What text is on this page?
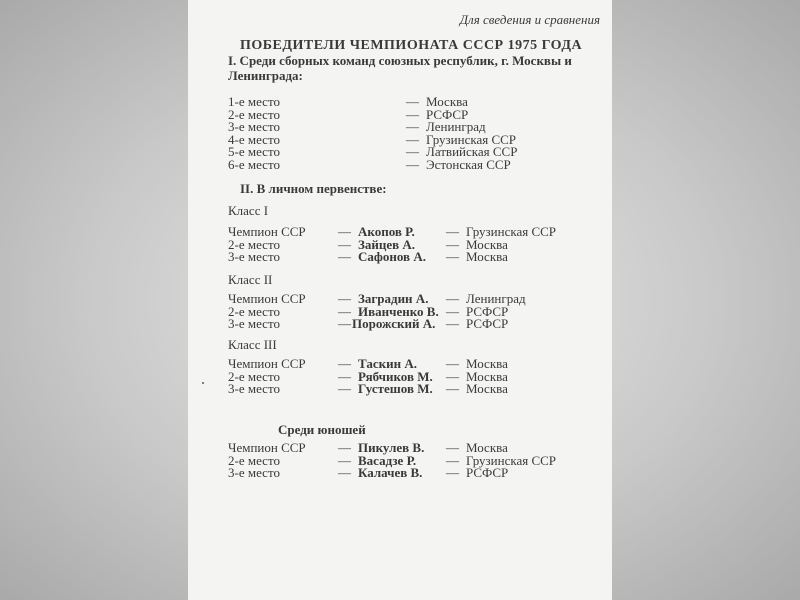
Для сведения и сравнения
ПОБЕДИТЕЛИ ЧЕМПИОНАТА СССР 1975 ГОДА
I. Среди сборных команд союзных республик, г. Москвы и Ленинграда:
1-е место	— Москва
2-е место	— РСФСР
3-е место	— Ленинград
4-е место	— Грузинская ССР
5-е место	— Латвийская ССР
6-е место	— Эстонская ССР
II. В личном первенстве:
Класс I
Чемпион ССР — Акопов Р. — Грузинская ССР
2-е место	— Зайцев А. — Москва
3-е место	— Сафонов А. — Москва
Класс II
Чемпион ССР — Заградин А. — Ленинград
2-е место	— Иванченко В. — РСФСР
3-е место	— Порожский А. — РСФСР
Класс III
Чемпион ССР — Таскин А. — Москва
2-е место	— Рябчиков М. — Москва
3-е место	— Густешов М. — Москва
Среди юношей
Чемпион ССР — Пикулев В. — Москва
2-е место	— Васадзе Р. — Грузинская ССР
3-е место	— Калачев В. — РСФСР
